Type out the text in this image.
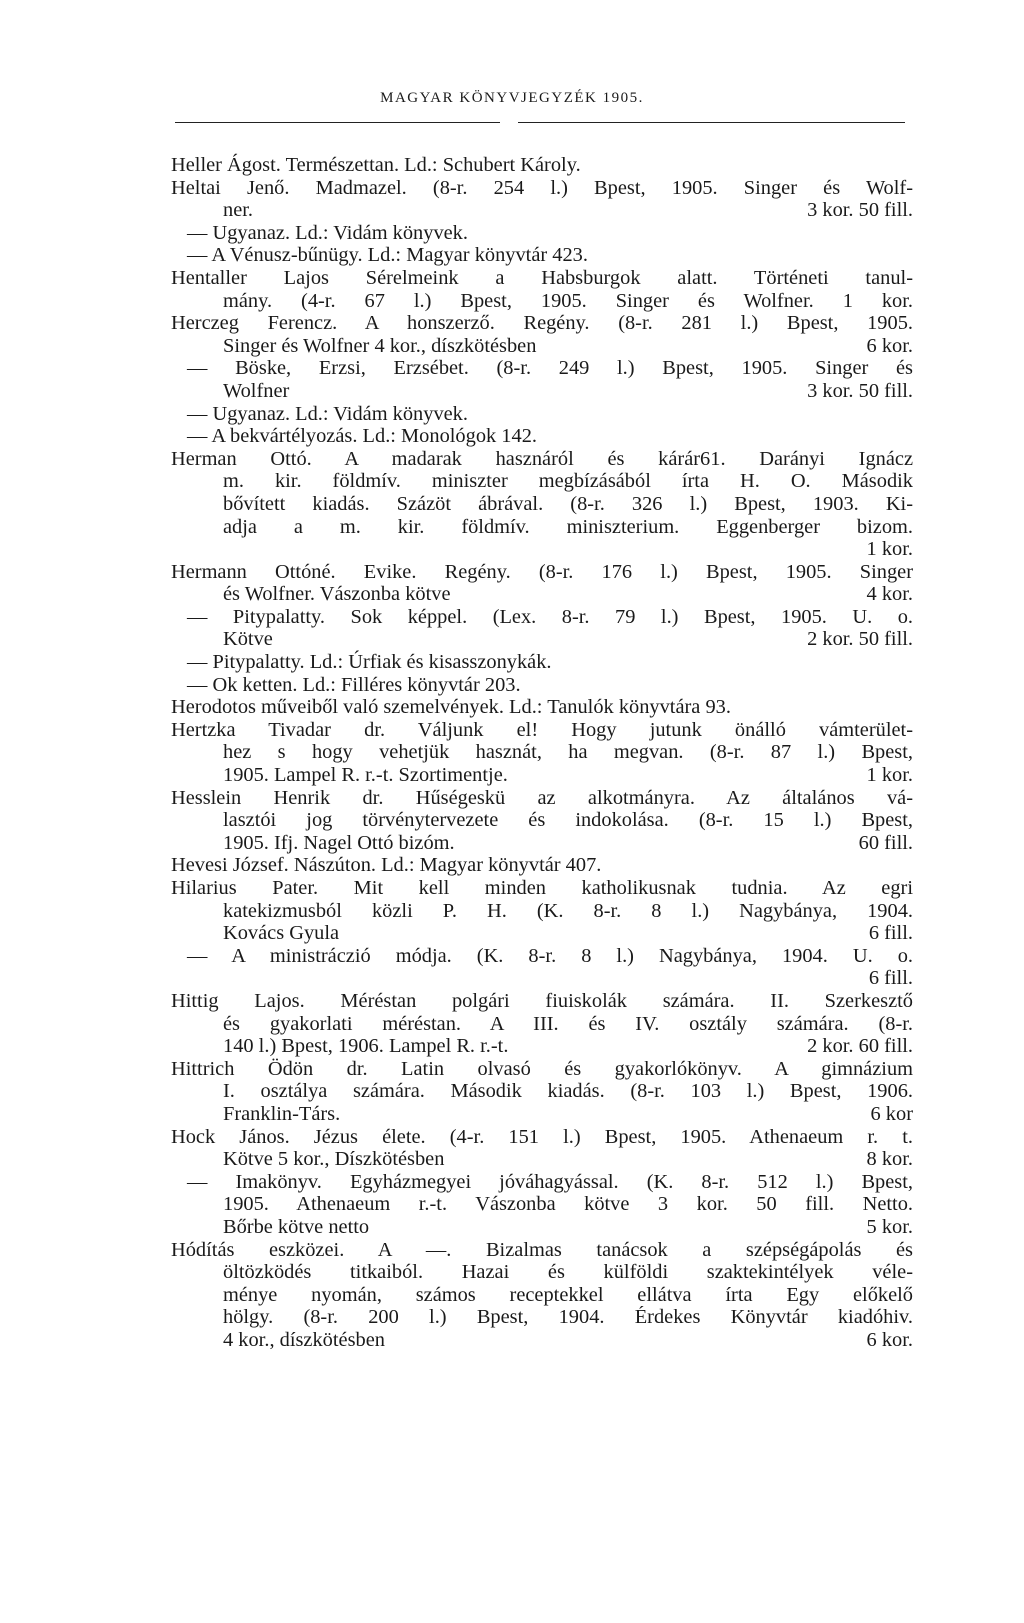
MAGYAR KÖNYVJEGYZÉK 1905.
Heller Ágost. Természettan. Ld.: Schubert Károly.
Heltai Jenő. Madmazel. (8-r. 254 l.) Bpest, 1905. Singer és Wolf-
ner.	3 kor. 50 fill.
— Ugyanaz. Ld.: Vidám könyvek.
— A Vénusz-bűnügy. Ld.: Magyar könyvtár 423.
Hentaller Lajos Sérelmeink a Habsburgok alatt. Történeti tanul-
mány. (4-r. 67 l.) Bpest, 1905. Singer és Wolfner. 1 kor.
Herczeg Ferencz. A honszerző. Regény. (8-r. 281 l.) Bpest, 1905.
Singer és Wolfner 4 kor., díszkötésben	6 kor.
— Böske, Erzsi, Erzsébet. (8-r. 249 l.) Bpest, 1905. Singer és
Wolfner	3 kor. 50 fill.
— Ugyanaz. Ld.: Vidám könyvek.
— A bekvártélyozás. Ld.: Monológok 142.
Herman Ottó. A madarak hasznáról és kárár61. Darányi Ignácz
m. kir. földmív. miniszter megbízásából írta H. O. Második
bővített kiadás. Százöt ábrával. (8-r. 326 l.) Bpest, 1903. Ki-
adja a m. kir. földmív. miniszterium. Eggenberger bizom.
1 kor.
Hermann Ottóné. Evike. Regény. (8-r. 176 l.) Bpest, 1905. Singer
és Wolfner. Vászonba kötve	4 kor.
— Pitypalatty. Sok képpel. (Lex. 8-r. 79 l.) Bpest, 1905. U. o.
Kötve	2 kor. 50 fill.
— Pitypalatty. Ld.: Úrfiak és kisasszonykák.
— Ok ketten. Ld.: Filléres könyvtár 203.
Herodotos műveiből való szemelvények. Ld.: Tanulók könyvtára 93.
Hertzka Tivadar dr. Váljunk el! Hogy jutunk önálló vámterület-
hez s hogy vehetjük hasznát, ha megvan. (8-r. 87 l.) Bpest,
1905. Lampel R. r.-t. Szortimentje.	1 kor.
Hesslein Henrik dr. Hűségeskü az alkotmányra. Az általános vá-
lasztói jog törvénytervezete és indokolása. (8-r. 15 l.) Bpest,
1905. Ifj. Nagel Ottó bizóm.	60 fill.
Hevesi József. Nászúton. Ld.: Magyar könyvtár 407.
Hilarius Pater. Mit kell minden katholikusnak tudnia. Az egri
katekizmusból közli P. H. (K. 8-r. 8 l.) Nagybánya, 1904.
Kovács Gyula	6 fill.
— A ministráczió módja. (K. 8-r. 8 l.) Nagybánya, 1904. U. o.
6 fill.
Hittig Lajos. Méréstan polgári fiuiskolák számára. II. Szerkesztő
és gyakorlati méréstan. A III. és IV. osztály számára. (8-r.
140 l.) Bpest, 1906. Lampel R. r.-t.	2 kor. 60 fill.
Hittrich Ödön dr. Latin olvasó és gyakorlókönyv. A gimnázium
I. osztálya számára. Második kiadás. (8-r. 103 l.) Bpest, 1906.
Franklin-Társ.	6 kor
Hock János. Jézus élete. (4-r. 151 l.) Bpest, 1905. Athenaeum r. t.
Kötve 5 kor., Díszkötésben	8 kor.
— Imakönyv. Egyházmegyei jóváhagyással. (K. 8-r. 512 l.) Bpest,
1905. Athenaeum r.-t. Vászonba kötve 3 kor. 50 fill. Netto.
Bőrbe kötve netto	5 kor.
Hódítás eszközei. A —. Bizalmas tanácsok a szépségápolás és
öltözködés titkaiból. Hazai és külföldi szaktekintélyek véle-
ménye nyomán, számos receptekkel ellátva írta Egy előkelő
hölgy. (8-r. 200 l.) Bpest, 1904. Érdekes Könyvtár kiadóhiv.
4 kor., díszkötésben	6 kor.
